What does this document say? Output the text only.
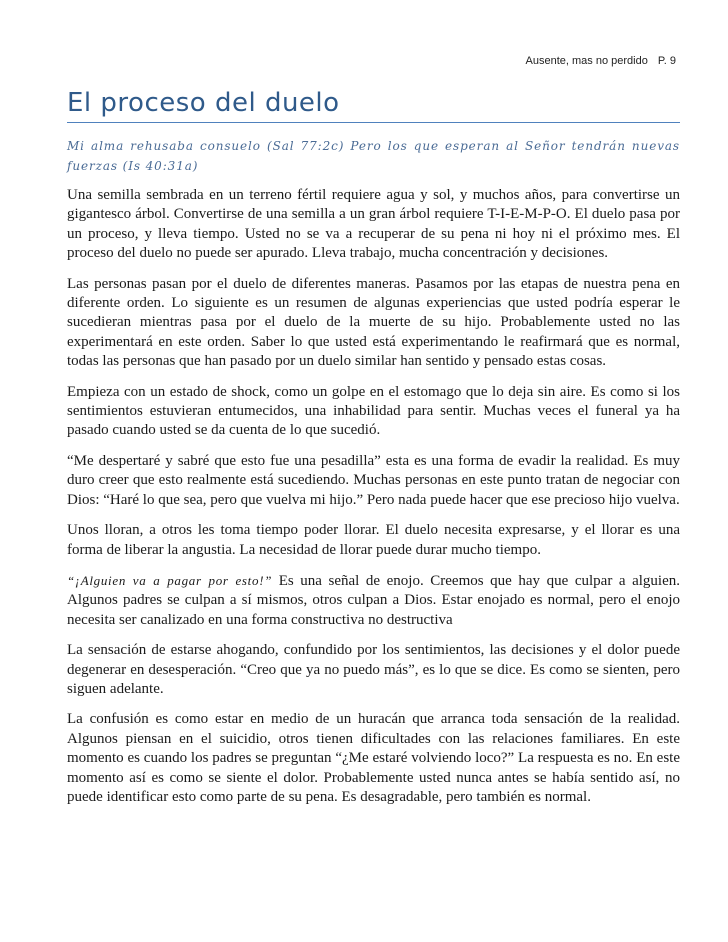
Ausente, mas no perdido P. 9
El proceso del duelo

Mi alma rehusaba consuelo (Sal 77:2c) Pero los que esperan al Señor tendrán nuevas fuerzas (Is 40:31a)

Una semilla sembrada en un terreno fértil requiere agua y sol, y muchos años, para convertirse un gigantesco árbol. Convertirse de una semilla a un gran árbol requiere T-I-E-M-P-O. El duelo pasa por un proceso, y lleva tiempo. Usted no se va a recuperar de su pena ni hoy ni el próximo mes. El proceso del duelo no puede ser apurado. Lleva trabajo, mucha concentración y decisiones.

Las personas pasan por el duelo de diferentes maneras. Pasamos por las etapas de nuestra pena en diferente orden. Lo siguiente es un resumen de algunas experiencias que usted podría esperar le sucedieran mientras pasa por el duelo de la muerte de su hijo. Probablemente usted no las experimentará en este orden. Saber lo que usted está experimentando le reafirmará que es normal, todas las personas que han pasado por un duelo similar han sentido y pensado estas cosas.

Empieza con un estado de shock, como un golpe en el estomago que lo deja sin aire. Es como si los sentimientos estuvieran entumecidos, una inhabilidad para sentir. Muchas veces el funeral ya ha pasado cuando usted se da cuenta de lo que sucedió.

“Me despertaré y sabré que esto fue una pesadilla” esta es una forma de evadir la realidad. Es muy duro creer que esto realmente está sucediendo. Muchas personas en este punto tratan de negociar con Dios: “Haré lo que sea, pero que vuelva mi hijo.” Pero nada puede hacer que ese precioso hijo vuelva.

Unos lloran, a otros les toma tiempo poder llorar. El duelo necesita expresarse, y el llorar es una forma de liberar la angustia. La necesidad de llorar puede durar mucho tiempo.

“¡Alguien va a pagar por esto!” Es una señal de enojo. Creemos que hay que culpar a alguien. Algunos padres se culpan a sí mismos, otros culpan a Dios. Estar enojado es normal, pero el enojo necesita ser canalizado en una forma constructiva no destructiva

La sensación de estarse ahogando, confundido por los sentimientos, las decisiones y el dolor puede degenerar en desesperación. “Creo que ya no puedo más”, es lo que se dice. Es como se sienten, pero siguen adelante.

La confusión es como estar en medio de un huracán que arranca toda sensación de la realidad. Algunos piensan en el suicidio, otros tienen dificultades con las relaciones familiares. En este momento es cuando los padres se preguntan “¿Me estaré volviendo loco?” La respuesta es no. En este momento así es como se siente el dolor. Probablemente usted nunca antes se había sentido así, no puede identificar esto como parte de su pena. Es desagradable, pero también es normal.
